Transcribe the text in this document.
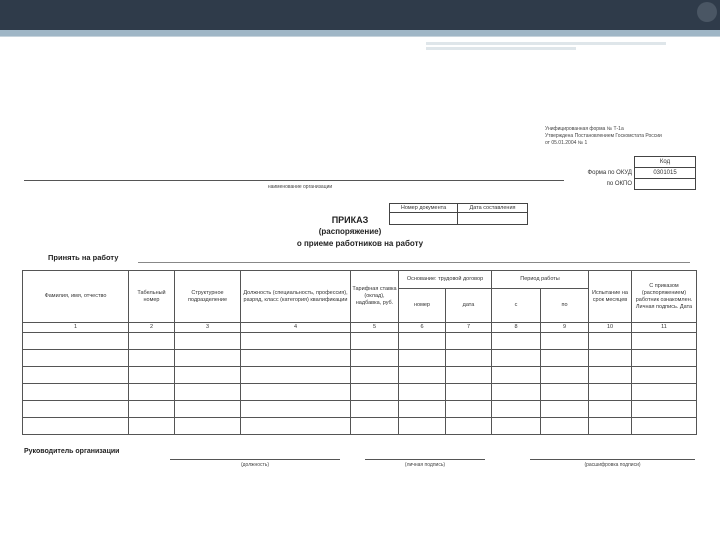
Унифицированная форма № Т-1а
Утверждена Постановлением Госкомстата России
от 05.01.2004 № 1
Код
0301015

Форма по ОКУД
по ОКПО
наименование организации
Номер документа	Дата составления

ПРИКАЗ
(распоряжение)
о приеме работников на работу
Принять на работу
Фамилия, имя, отчество	Табельный номер	Структурное подразделение	Должность (специальность, профессия), разряд, класс (категория) квалификации	Тарифная ставка (оклад), надбавка, руб.	Основание: трудовой договор		Период работы		Испытание на срок месяцев	С приказом (распоряжением) работник ознакомлен. Личная подпись. Дата
					номер	дата	с	по		
1	2	3	4	5	6	7	8	9	10	11

Руководитель организации
(должность)	(личная подпись)	(расшифровка подписи)
